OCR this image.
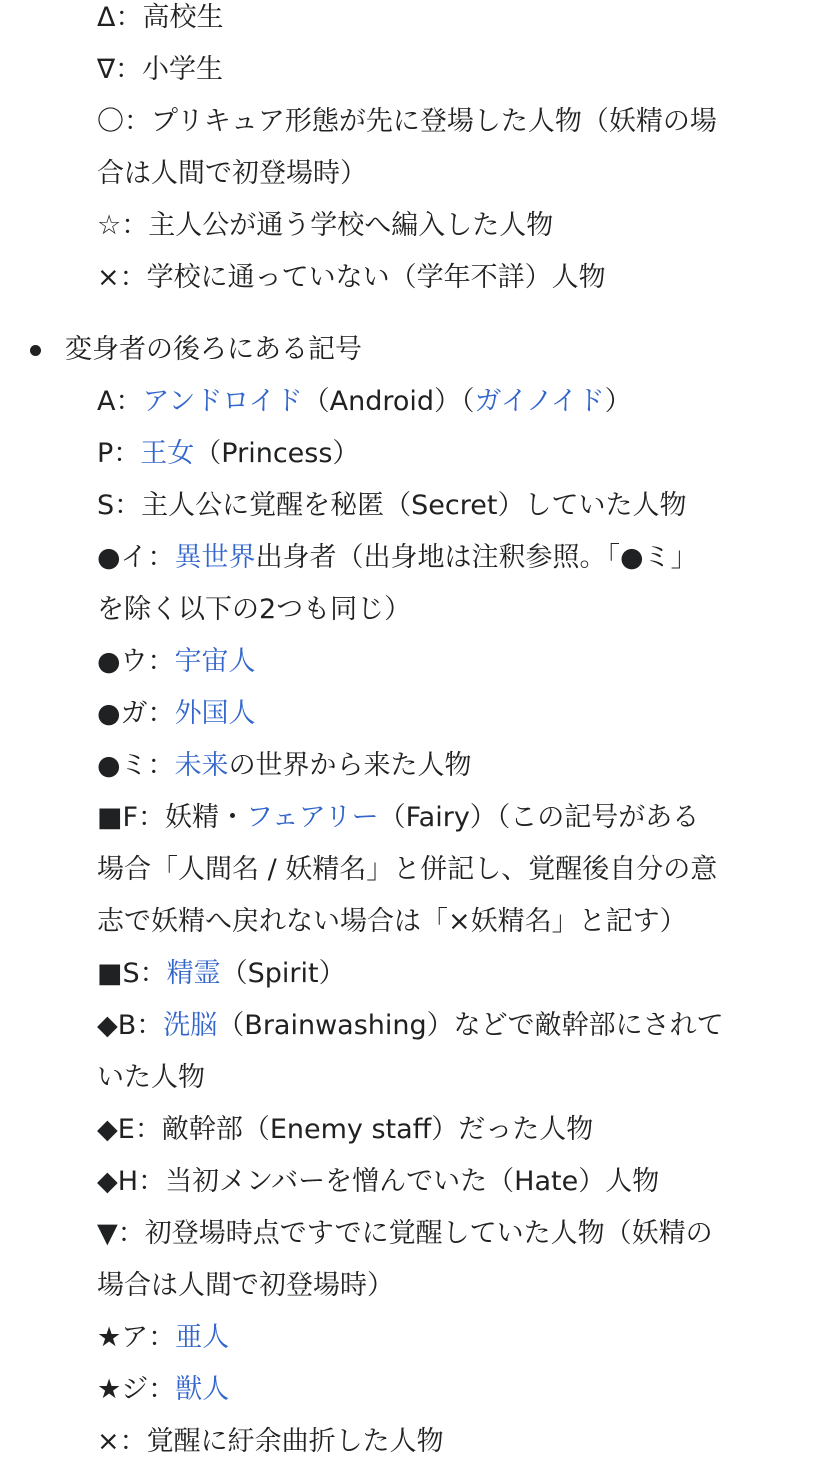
Δ：高校生
∇：小学生
〇：プリキュア形態が先に登場した人物（妖精の場
合は人間で初登場時）
☆：主人公が通う学校へ編入した人物
×：学校に通っていない（学年不詳）人物
変身者の後ろにある記号
A：アンドロイド（Android）（ガイノイド）
P：王女（Princess）
S：主人公に覚醒を秘匿（Secret）していた人物
●イ：異世界出身者（出身地は注釈参照。「●ミ」
を除く以下の2つも同じ）
●ウ：宇宙人
●ガ：外国人
●ミ：未来の世界から来た人物
■F：妖精・フェアリー（Fairy）（この記号がある
場合「人間名 / 妖精名」と併記し、覚醒後自分の意
志で妖精へ戻れない場合は「×妖精名」と記す）
■S：精霊（Spirit）
◆B：洗脳（Brainwashing）などで敵幹部にされて
いた人物
◆E：敵幹部（Enemy staff）だった人物
◆H：当初メンバーを憎んでいた（Hate）人物
▼：初登場時点ですでに覚醒していた人物（妖精の
場合は人間で初登場時）
★ア：亜人
★ジ：獣人
×：覚醒に紆余曲折した人物
